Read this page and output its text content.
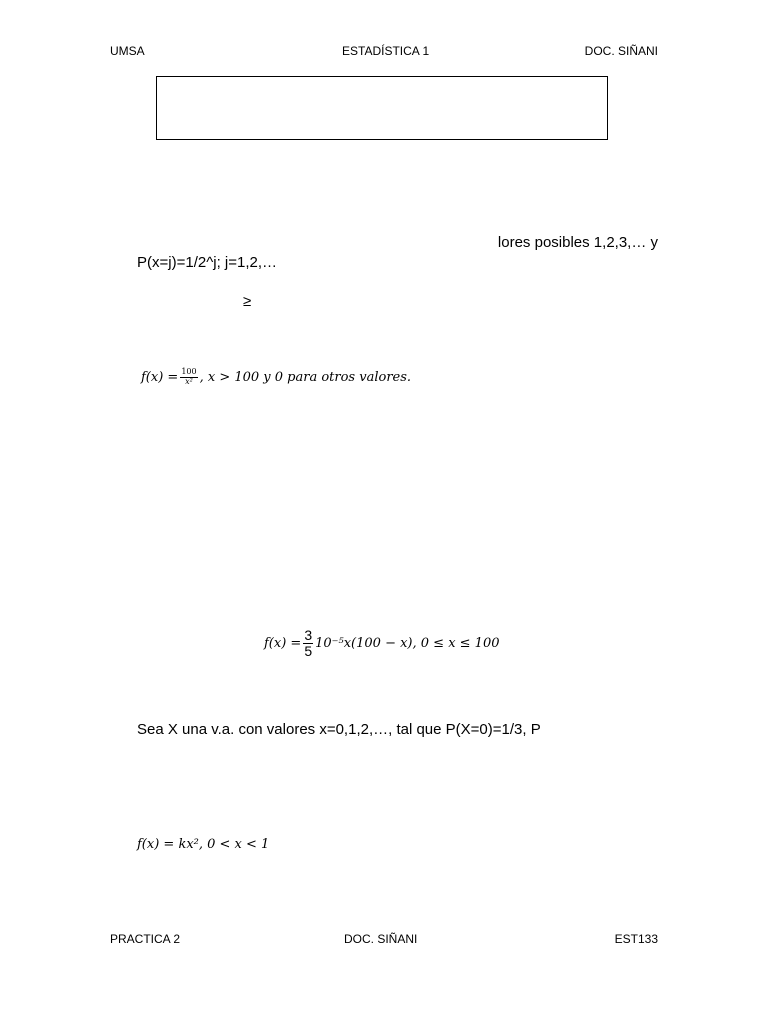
UMSA	ESTADÍSTICA 1	DOC. SIÑANI
lores posibles 1,2,3,… y
P(x=j)=1/2^j; j=1,2,…
≥
$f(x) = \frac{100}{\text{x²}}$ , x > 100 y 0 para otros valores.
$f(x) = \frac{3}{5} 10^{-5}x(100 - x)$, 0 ≤ x ≤ 100
Sea X una v.a. con valores x=0,1,2,…, tal que P(X=0)=1/3, P
f(x) = kx², 0 < x < 1
PRACTICA 2	DOC. SIÑANI	EST133
